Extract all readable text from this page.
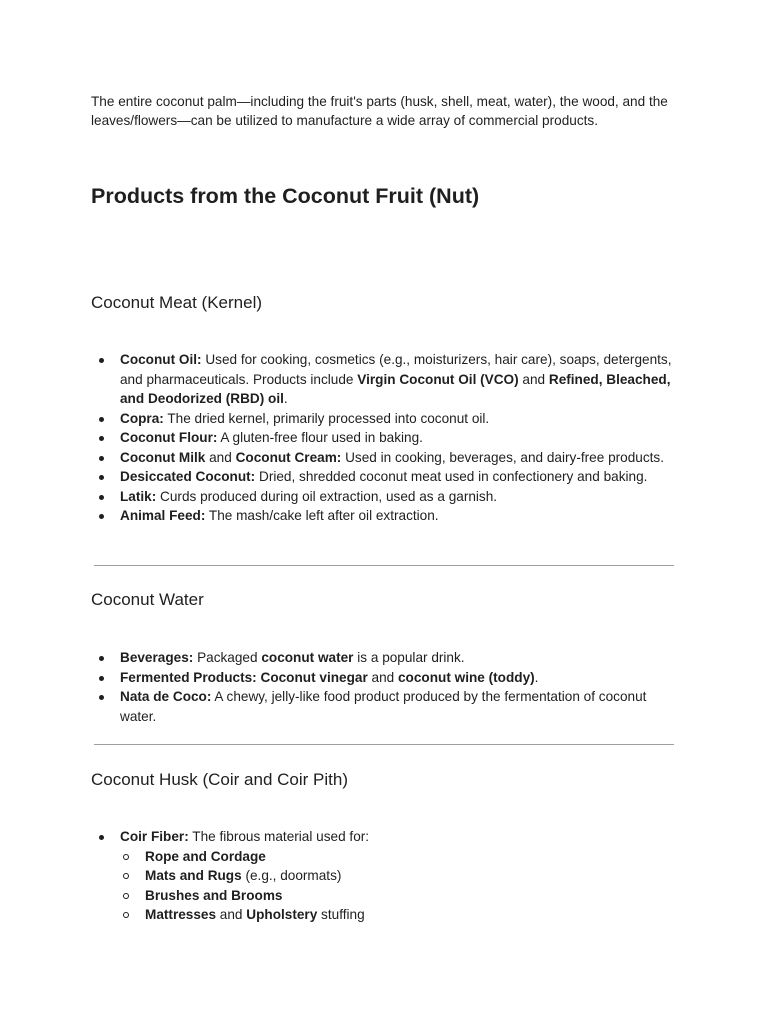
The entire coconut palm—including the fruit's parts (husk, shell, meat, water), the wood, and the leaves/flowers—can be utilized to manufacture a wide array of commercial products.

Products from the Coconut Fruit (Nut)
Coconut Meat (Kernel)
Coconut Oil: Used for cooking, cosmetics (e.g., moisturizers, hair care), soaps, detergents, and pharmaceuticals. Products include Virgin Coconut Oil (VCO) and Refined, Bleached, and Deodorized (RBD) oil.
Copra: The dried kernel, primarily processed into coconut oil.
Coconut Flour: A gluten-free flour used in baking.
Coconut Milk and Coconut Cream: Used in cooking, beverages, and dairy-free products.
Desiccated Coconut: Dried, shredded coconut meat used in confectionery and baking.
Latik: Curds produced during oil extraction, used as a garnish.
Animal Feed: The mash/cake left after oil extraction.
Coconut Water
Beverages: Packaged coconut water is a popular drink.
Fermented Products: Coconut vinegar and coconut wine (toddy).
Nata de Coco: A chewy, jelly-like food product produced by the fermentation of coconut water.
Coconut Husk (Coir and Coir Pith)
Coir Fiber: The fibrous material used for:
Rope and Cordage
Mats and Rugs (e.g., doormats)
Brushes and Brooms
Mattresses and Upholstery stuffing
